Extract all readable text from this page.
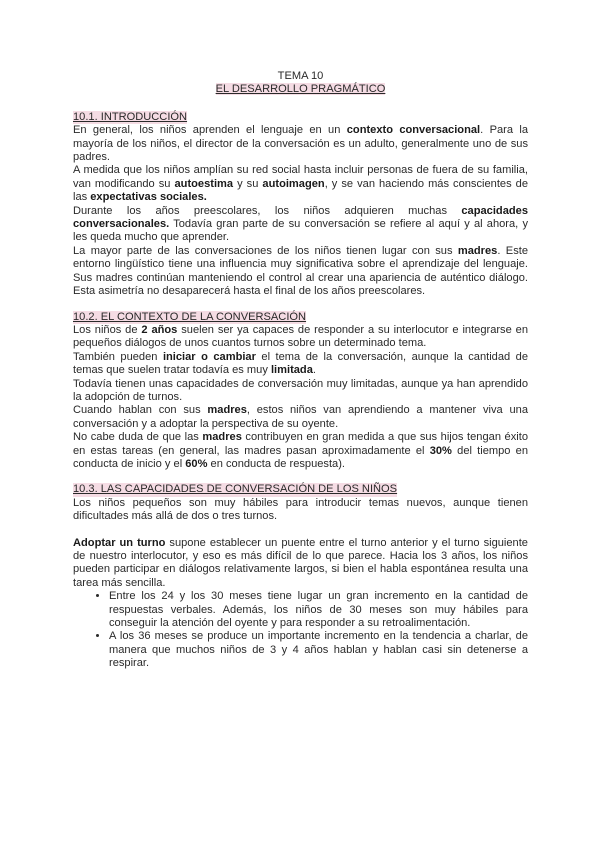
TEMA 10
EL DESARROLLO PRAGMÁTICO
10.1. INTRODUCCIÓN

En general, los niños aprenden el lenguaje en un contexto conversacional. Para la mayoría de los niños, el director de la conversación es un adulto, generalmente uno de sus padres.

A medida que los niños amplían su red social hasta incluir personas de fuera de su familia, van modificando su autoestima y su autoimagen, y se van haciendo más conscientes de las expectativas sociales.

Durante los años preescolares, los niños adquieren muchas capacidades conversacionales. Todavía gran parte de su conversación se refiere al aquí y al ahora, y les queda mucho que aprender.

La mayor parte de las conversaciones de los niños tienen lugar con sus madres. Este entorno lingüístico tiene una influencia muy significativa sobre el aprendizaje del lenguaje. Sus madres continúan manteniendo el control al crear una apariencia de auténtico diálogo. Esta asimetría no desaparecerá hasta el final de los años preescolares.

10.2. EL CONTEXTO DE LA CONVERSACIÓN

Los niños de 2 años suelen ser ya capaces de responder a su interlocutor e integrarse en pequeños diálogos de unos cuantos turnos sobre un determinado tema.

También pueden iniciar o cambiar el tema de la conversación, aunque la cantidad de temas que suelen tratar todavía es muy limitada.

Todavía tienen unas capacidades de conversación muy limitadas, aunque ya han aprendido la adopción de turnos.

Cuando hablan con sus madres, estos niños van aprendiendo a mantener viva una conversación y a adoptar la perspectiva de su oyente.

No cabe duda de que las madres contribuyen en gran medida a que sus hijos tengan éxito en estas tareas (en general, las madres pasan aproximadamente el 30% del tiempo en conducta de inicio y el 60% en conducta de respuesta).

10.3. LAS CAPACIDADES DE CONVERSACIÓN DE LOS NIÑOS

Los niños pequeños son muy hábiles para introducir temas nuevos, aunque tienen dificultades más allá de dos o tres turnos.

Adoptar un turno supone establecer un puente entre el turno anterior y el turno siguiente de nuestro interlocutor, y eso es más difícil de lo que parece. Hacia los 3 años, los niños pueden participar en diálogos relativamente largos, si bien el habla espontánea resulta una tarea más sencilla.

• Entre los 24 y los 30 meses tiene lugar un gran incremento en la cantidad de respuestas verbales. Además, los niños de 30 meses son muy hábiles para conseguir la atención del oyente y para responder a su retroalimentación.
• A los 36 meses se produce un importante incremento en la tendencia a charlar, de manera que muchos niños de 3 y 4 años hablan y hablan casi sin detenerse a respirar.
